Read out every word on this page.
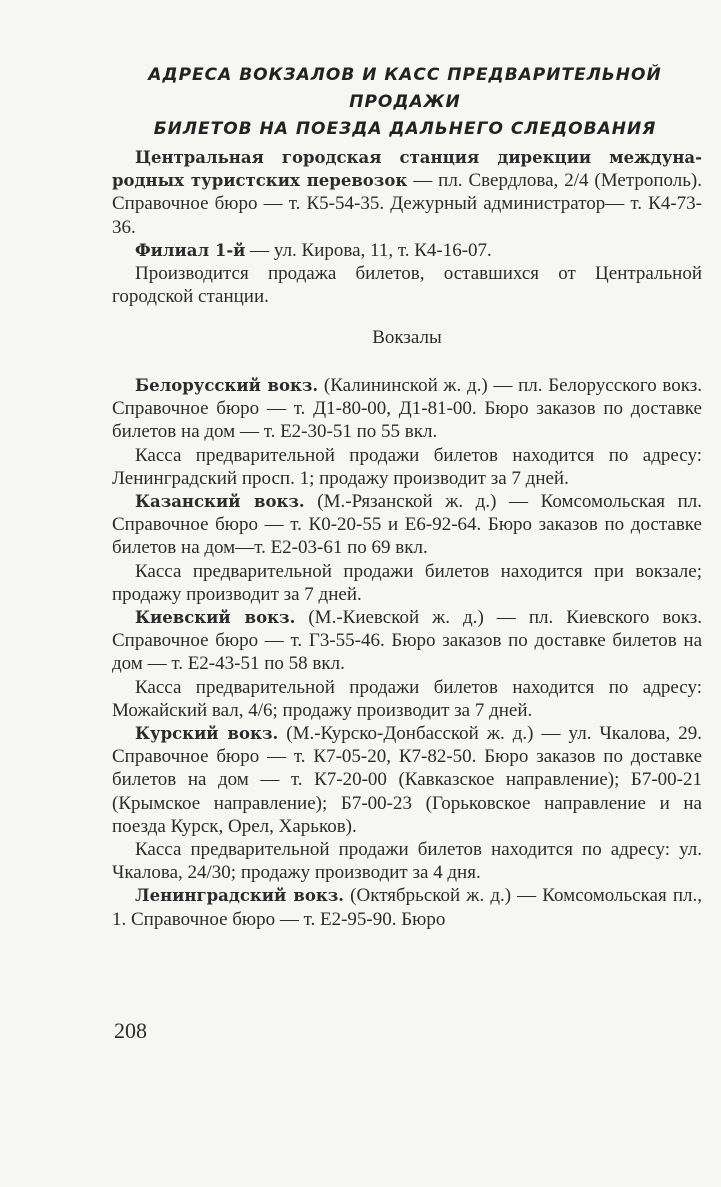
АДРЕСА ВОКЗАЛОВ И КАСС ПРЕДВАРИТЕЛЬНОЙ ПРОДАЖИ
БИЛЕТОВ НА ПОЕЗДА ДАЛЬНЕГО СЛЕДОВАНИЯ

Центральная городская станция дирекции международных туристских перевозок — пл. Свердлова, 2/4 (Метрополь). Справочное бюро — т. К5-54-35. Дежурный администратор— т. К4-73-36.

Филиал 1-й — ул. Кирова, 11, т. К4-16-07.

Производится продажа билетов, оставшихся от Центральной городской станции.

Вокзалы

Белорусский вокз. (Калининской ж. д.) — пл. Белорусского вокз. Справочное бюро — т. Д1-80-00, Д1-81-00. Бюро заказов по доставке билетов на дом — т. Е2-30-51 по 55 вкл.

Касса предварительной продажи билетов находится по адресу: Ленинградский просп. 1; продажу производит за 7 дней.

Казанский вокз. (М.-Рязанской ж. д.) — Комсомольская пл. Справочное бюро — т. К0-20-55 и Е6-92-64. Бюро заказов по доставке билетов на дом—т. Е2-03-61 по 69 вкл.

Касса предварительной продажи билетов находится при вокзале; продажу производит за 7 дней.

Киевский вокз. (М.-Киевской ж. д.) — пл. Киевского вокз. Справочное бюро — т. Г3-55-46. Бюро заказов по доставке билетов на дом — т. Е2-43-51 по 58 вкл.

Касса предварительной продажи билетов находится по адресу: Можайский вал, 4/6; продажу производит за 7 дней.

Курский вокз. (М.-Курско-Донбасской ж. д.) — ул. Чкалова, 29. Справочное бюро — т. К7-05-20, К7-82-50. Бюро заказов по доставке билетов на дом — т. К7-20-00 (Кавказское направление); Б7-00-21 (Крымское направление); Б7-00-23 (Горьковское направление и на поезда Курск, Орел, Харьков).

Касса предварительной продажи билетов находится по адресу: ул. Чкалова, 24/30; продажу производит за 4 дня.

Ленинградский вокз. (Октябрьской ж. д.) — Комсомольская пл., 1. Справочное бюро — т. Е2-95-90. Бюро

208
